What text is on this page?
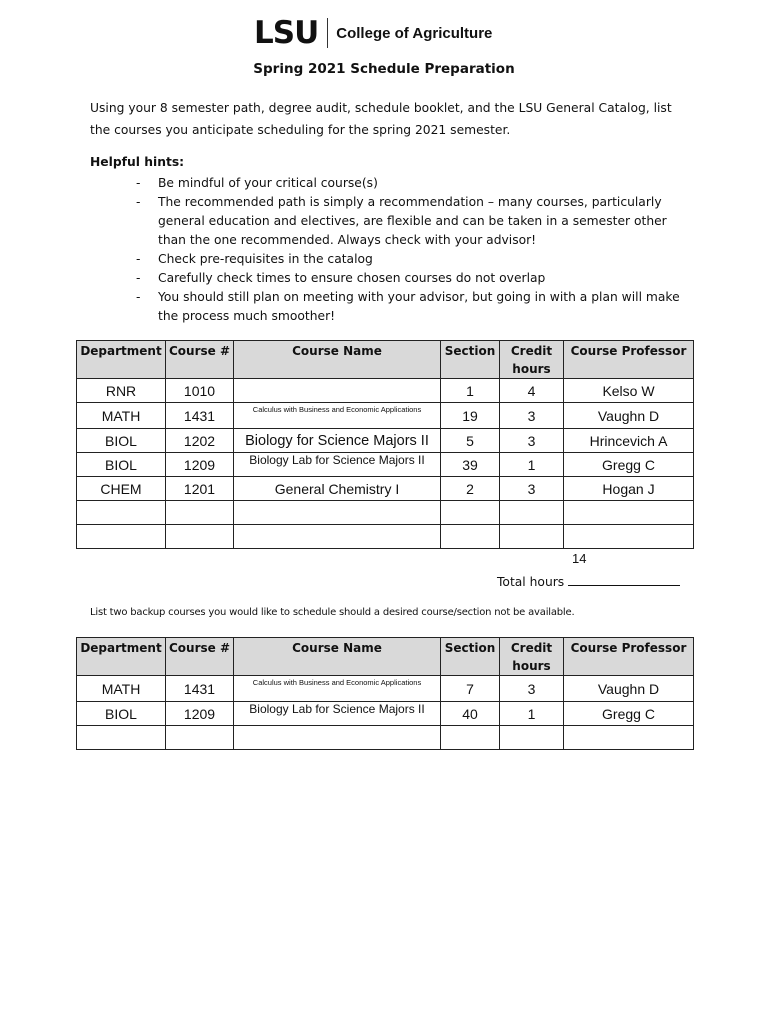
LSU College of Agriculture
Spring 2021 Schedule Preparation
Using your 8 semester path, degree audit, schedule booklet, and the LSU General Catalog, list the courses you anticipate scheduling for the spring 2021 semester.
Helpful hints:
-	Be mindful of your critical course(s)
-	The recommended path is simply a recommendation – many courses, particularly general education and electives, are flexible and can be taken in a semester other than the one recommended. Always check with your advisor!
-	Check pre-requisites in the catalog
-	Carefully check times to ensure chosen courses do not overlap
-	You should still plan on meeting with your advisor, but going in with a plan will make the process much smoother!
Department	Course #	Course Name	Section	Credit hours	Course Professor
RNR	1010		1	4	Kelso W
MATH	1431	Calculus with Business and Economic Applications	19	3	Vaughn D
BIOL	1202	Biology for Science Majors II	5	3	Hrincevich A
BIOL	1209	Biology Lab for Science Majors II	39	1	Gregg C
CHEM	1201	General Chemistry I	2	3	Hogan J

14
Total hours
List two backup courses you would like to schedule should a desired course/section not be available.
Department	Course #	Course Name	Section	Credit hours	Course Professor
MATH	1431	Calculus with Business and Economic Applications	7	3	Vaughn D
BIOL	1209	Biology Lab for Science Majors II	40	1	Gregg C
